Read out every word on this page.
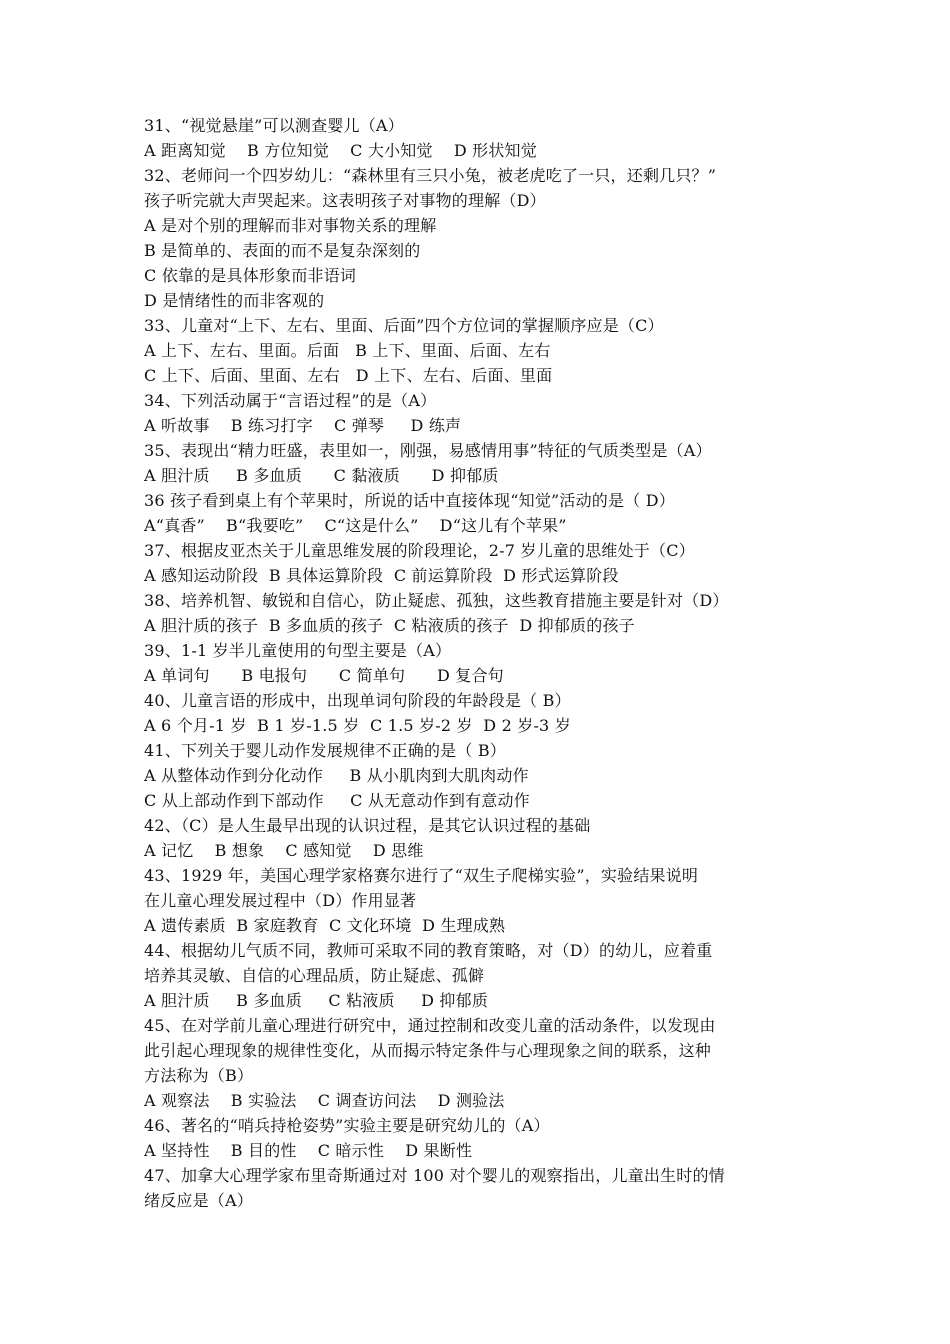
31、“视觉悬崖”可以测查婴儿（A）
A 距离知觉    B 方位知觉    C 大小知觉    D 形状知觉
32、老师问一个四岁幼儿：“森林里有三只小兔，被老虎吃了一只，还剩几只？”
孩子听完就大声哭起来。这表明孩子对事物的理解（D）
A 是对个别的理解而非对事物关系的理解
B 是简单的、表面的而不是复杂深刻的
C 依靠的是具体形象而非语词
D 是情绪性的而非客观的
33、儿童对“上下、左右、里面、后面”四个方位词的掌握顺序应是（C）
A 上下、左右、里面。后面   B 上下、里面、后面、左右
C 上下、后面、里面、左右   D 上下、左右、后面、里面
34、下列活动属于“言语过程”的是（A）
A 听故事    B 练习打字    C 弹琴     D 练声
35、表现出“精力旺盛，表里如一，刚强，易感情用事”特征的气质类型是（A）
A 胆汁质     B 多血质      C 黏液质      D 抑郁质
36 孩子看到桌上有个苹果时，所说的话中直接体现“知觉”活动的是（ D）
A“真香”    B“我要吃”    C“这是什么”    D“这儿有个苹果”
37、根据皮亚杰关于儿童思维发展的阶段理论，2-7 岁儿童的思维处于（C）
A 感知运动阶段  B 具体运算阶段  C 前运算阶段  D 形式运算阶段
38、培养机智、敏锐和自信心，防止疑虑、孤独，这些教育措施主要是针对（D）
A 胆汁质的孩子  B 多血质的孩子  C 粘液质的孩子  D 抑郁质的孩子
39、1-1 岁半儿童使用的句型主要是（A）
A 单词句      B 电报句      C 简单句      D 复合句
40、儿童言语的形成中，出现单词句阶段的年龄段是（ B）
A 6 个月-1 岁  B 1 岁-1.5 岁  C 1.5 岁-2 岁  D 2 岁-3 岁
41、下列关于婴儿动作发展规律不正确的是（ B）
A 从整体动作到分化动作     B 从小肌肉到大肌肉动作
C 从上部动作到下部动作     C 从无意动作到有意动作
42、（C）是人生最早出现的认识过程，是其它认识过程的基础
A 记忆    B 想象    C 感知觉    D 思维
43、1929 年，美国心理学家格赛尔进行了“双生子爬梯实验”，实验结果说明
在儿童心理发展过程中（D）作用显著
A 遗传素质  B 家庭教育  C 文化环境  D 生理成熟
44、根据幼儿气质不同，教师可采取不同的教育策略，对（D）的幼儿，应着重
培养其灵敏、自信的心理品质，防止疑虑、孤僻
A 胆汁质     B 多血质     C 粘液质     D 抑郁质
45、在对学前儿童心理进行研究中，通过控制和改变儿童的活动条件，以发现由
此引起心理现象的规律性变化，从而揭示特定条件与心理现象之间的联系，这种
方法称为（B）
A 观察法    B 实验法    C 调查访问法    D 测验法
46、著名的“哨兵持枪姿势”实验主要是研究幼儿的（A）
A 坚持性    B 目的性    C 暗示性    D 果断性
47、加拿大心理学家布里奇斯通过对 100 对个婴儿的观察指出，儿童出生时的情
绪反应是（A）
